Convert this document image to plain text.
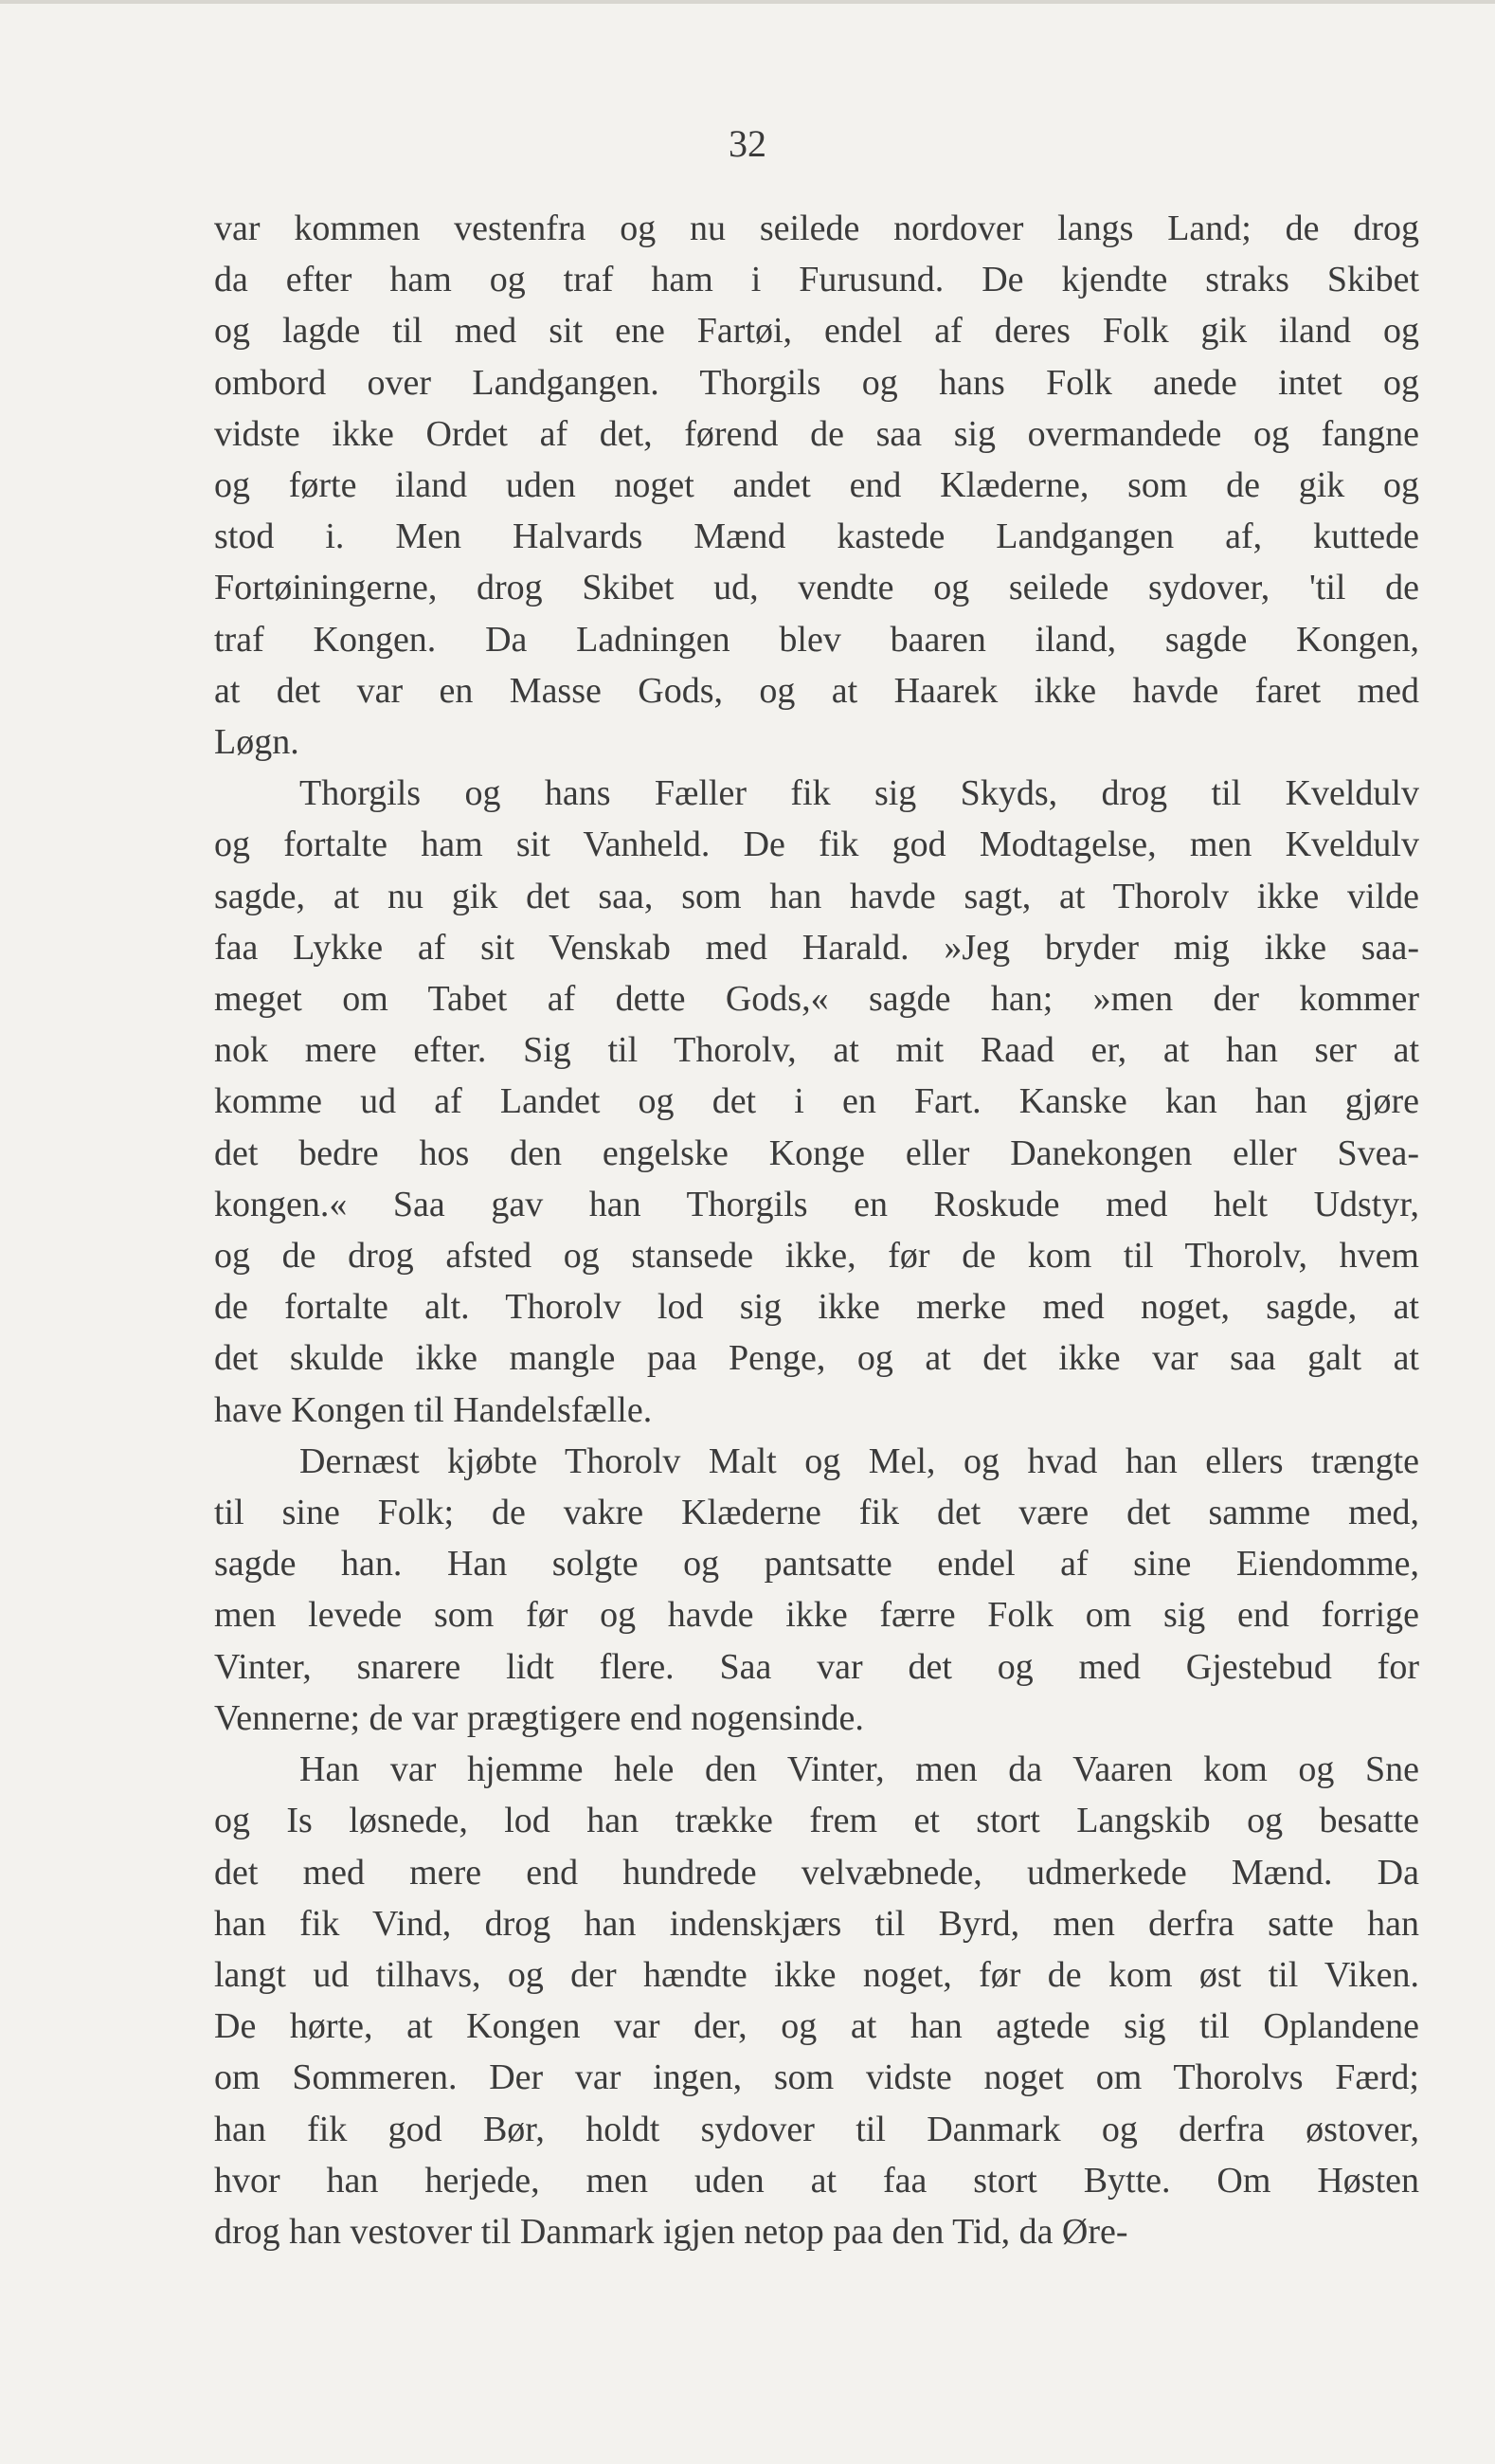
32
var kommen vestenfra og nu seilede nordover langs Land; de drog
da efter ham og traf ham i Furusund. De kjendte straks Skibet
og lagde til med sit ene Fartøi, endel af deres Folk gik iland og
ombord over Landgangen. Thorgils og hans Folk anede intet og
vidste ikke Ordet af det, førend de saa sig overmandede og fangne
og førte iland uden noget andet end Klæderne, som de gik og
stod i. Men Halvards Mænd kastede Landgangen af, kuttede
Fortøiningerne, drog Skibet ud, vendte og seilede sydover, 'til de
traf Kongen. Da Ladningen blev baaren iland, sagde Kongen,
at det var en Masse Gods, og at Haarek ikke havde faret med
Løgn.
Thorgils og hans Fæller fik sig Skyds, drog til Kveldulv
og fortalte ham sit Vanheld. De fik god Modtagelse, men Kveldulv
sagde, at nu gik det saa, som han havde sagt, at Thorolv ikke vilde
faa Lykke af sit Venskab med Harald. »Jeg bryder mig ikke saa-
meget om Tabet af dette Gods,« sagde han; »men der kommer
nok mere efter. Sig til Thorolv, at mit Raad er, at han ser at
komme ud af Landet og det i en Fart. Kanske kan han gjøre
det bedre hos den engelske Konge eller Danekongen eller Svea-
kongen.« Saa gav han Thorgils en Roskude med helt Udstyr,
og de drog afsted og stansede ikke, før de kom til Thorolv, hvem
de fortalte alt. Thorolv lod sig ikke merke med noget, sagde, at
det skulde ikke mangle paa Penge, og at det ikke var saa galt at
have Kongen til Handelsfælle.
Dernæst kjøbte Thorolv Malt og Mel, og hvad han ellers trængte
til sine Folk; de vakre Klæderne fik det være det samme med,
sagde han. Han solgte og pantsatte endel af sine Eiendomme,
men levede som før og havde ikke færre Folk om sig end forrige
Vinter, snarere lidt flere. Saa var det og med Gjestebud for
Vennerne; de var prægtigere end nogensinde.
Han var hjemme hele den Vinter, men da Vaaren kom og Sne
og Is løsnede, lod han trække frem et stort Langskib og besatte
det med mere end hundrede velvæbnede, udmerkede Mænd. Da
han fik Vind, drog han indenskjærs til Byrd, men derfra satte han
langt ud tilhavs, og der hændte ikke noget, før de kom øst til Viken.
De hørte, at Kongen var der, og at han agtede sig til Oplandene
om Sommeren. Der var ingen, som vidste noget om Thorolvs Færd;
han fik god Bør, holdt sydover til Danmark og derfra østover,
hvor han herjede, men uden at faa stort Bytte. Om Høsten
drog han vestover til Danmark igjen netop paa den Tid, da Øre-
